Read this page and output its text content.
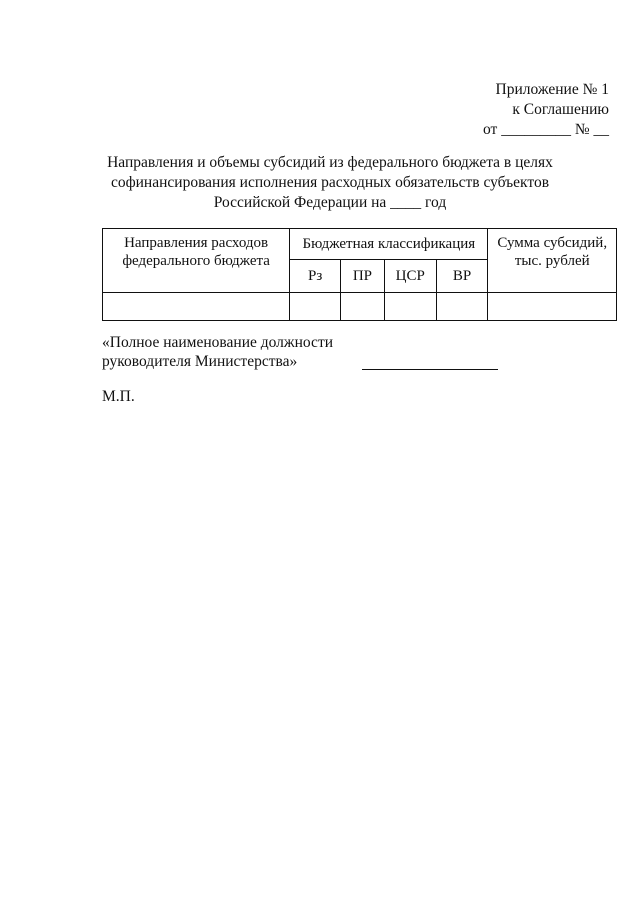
Приложение № 1
к Соглашению
от _________ № __
Направления и объемы субсидий из федерального бюджета в целях
софинансирования исполнения расходных обязательств субъектов
Российской Федерации на ____ год
Направления расходов федерального бюджета	Бюджетная классификация				Сумма субсидий, тыс. рублей
	Рз	ПР	ЦСР	ВР	

«Полное наименование должности
руководителя Министерства»
М.П.
